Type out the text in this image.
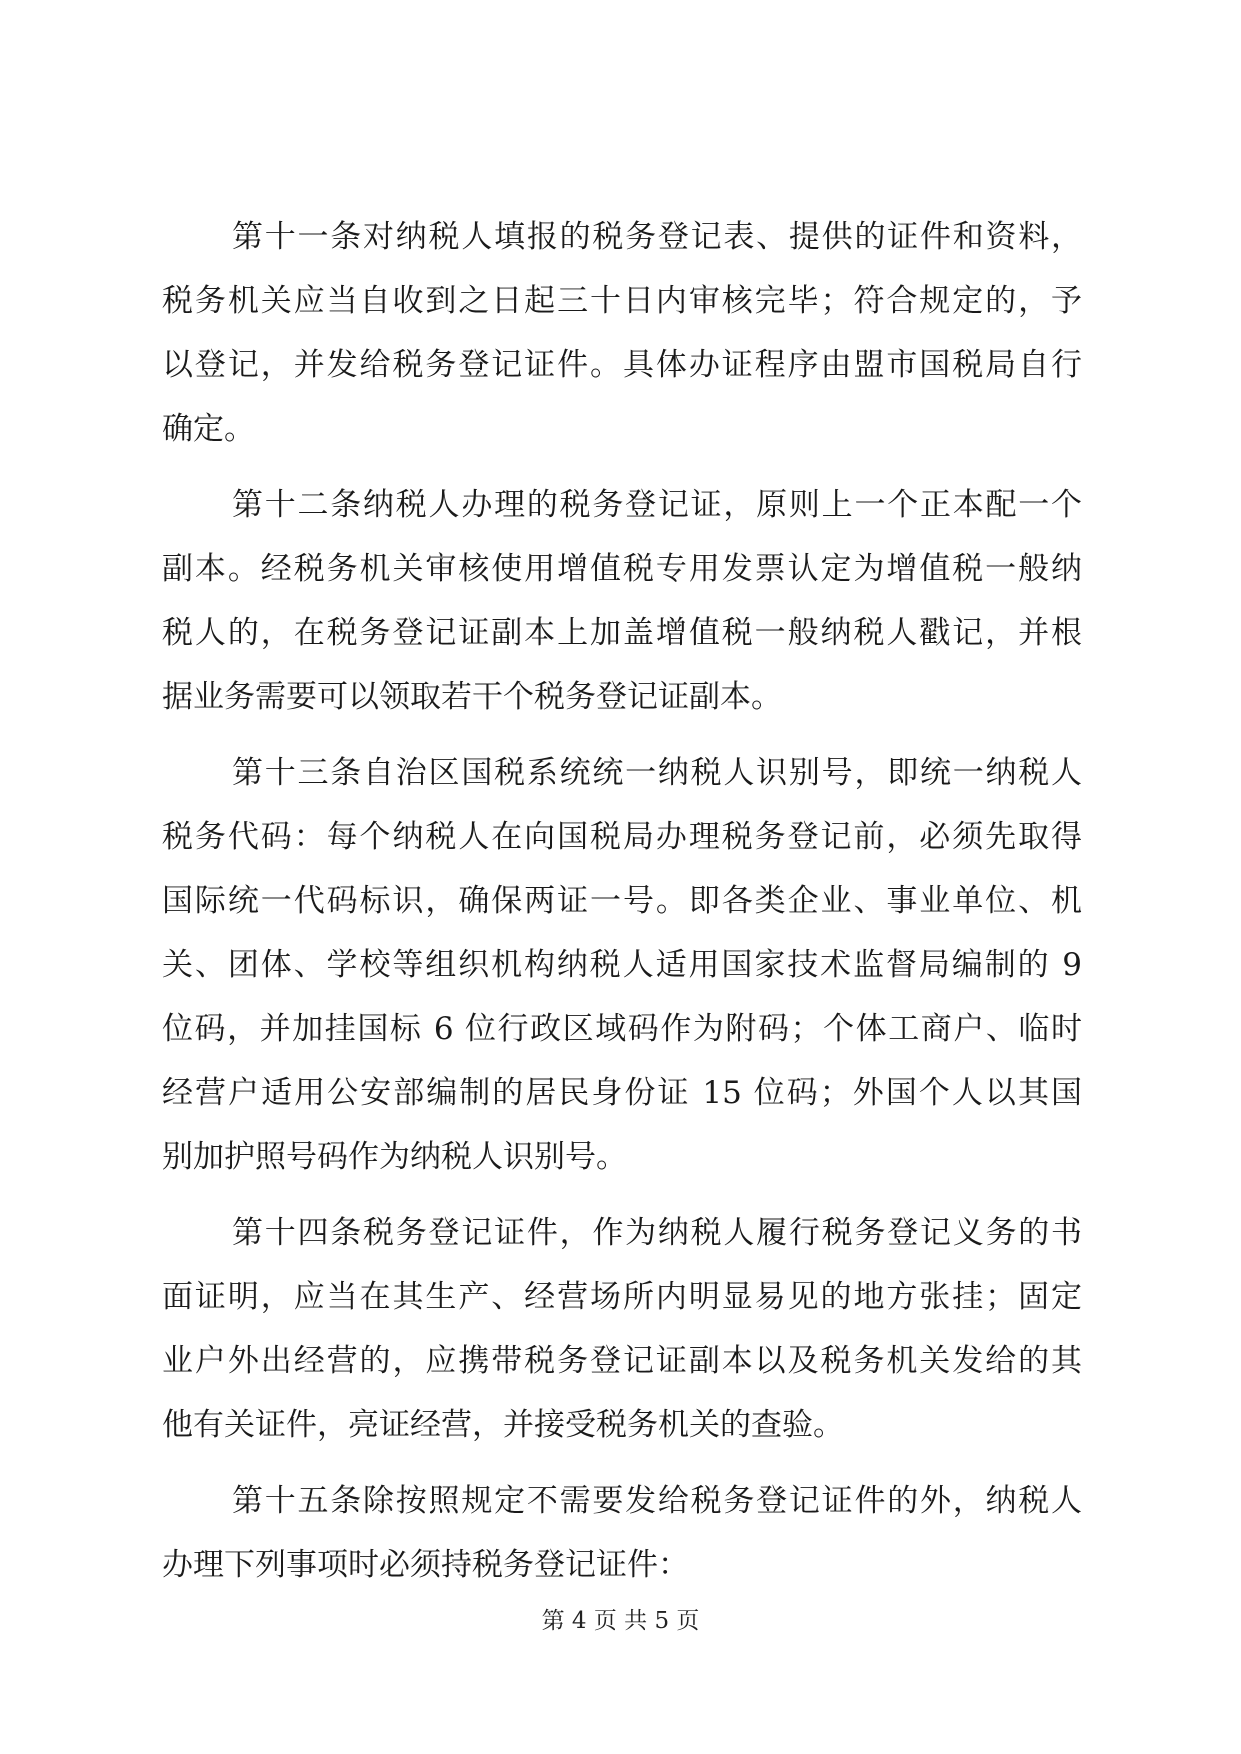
第十一条对纳税人填报的税务登记表、提供的证件和资料，
税务机关应当自收到之日起三十日内审核完毕；符合规定的，予
以登记，并发给税务登记证件。具体办证程序由盟市国税局自行
确定。
第十二条纳税人办理的税务登记证，原则上一个正本配一个
副本。经税务机关审核使用增值税专用发票认定为增值税一般纳
税人的，在税务登记证副本上加盖增值税一般纳税人戳记，并根
据业务需要可以领取若干个税务登记证副本。
第十三条自治区国税系统统一纳税人识别号，即统一纳税人
税务代码：每个纳税人在向国税局办理税务登记前，必须先取得
国际统一代码标识，确保两证一号。即各类企业、事业单位、机
关、团体、学校等组织机构纳税人适用国家技术监督局编制的 9
位码，并加挂国标 6 位行政区域码作为附码；个体工商户、临时
经营户适用公安部编制的居民身份证 15 位码；外国个人以其国
别加护照号码作为纳税人识别号。
第十四条税务登记证件，作为纳税人履行税务登记义务的书
面证明，应当在其生产、经营场所内明显易见的地方张挂；固定
业户外出经营的，应携带税务登记证副本以及税务机关发给的其
他有关证件，亮证经营，并接受税务机关的查验。
第十五条除按照规定不需要发给税务登记证件的外，纳税人
办理下列事项时必须持税务登记证件：
第 4 页 共 5 页
